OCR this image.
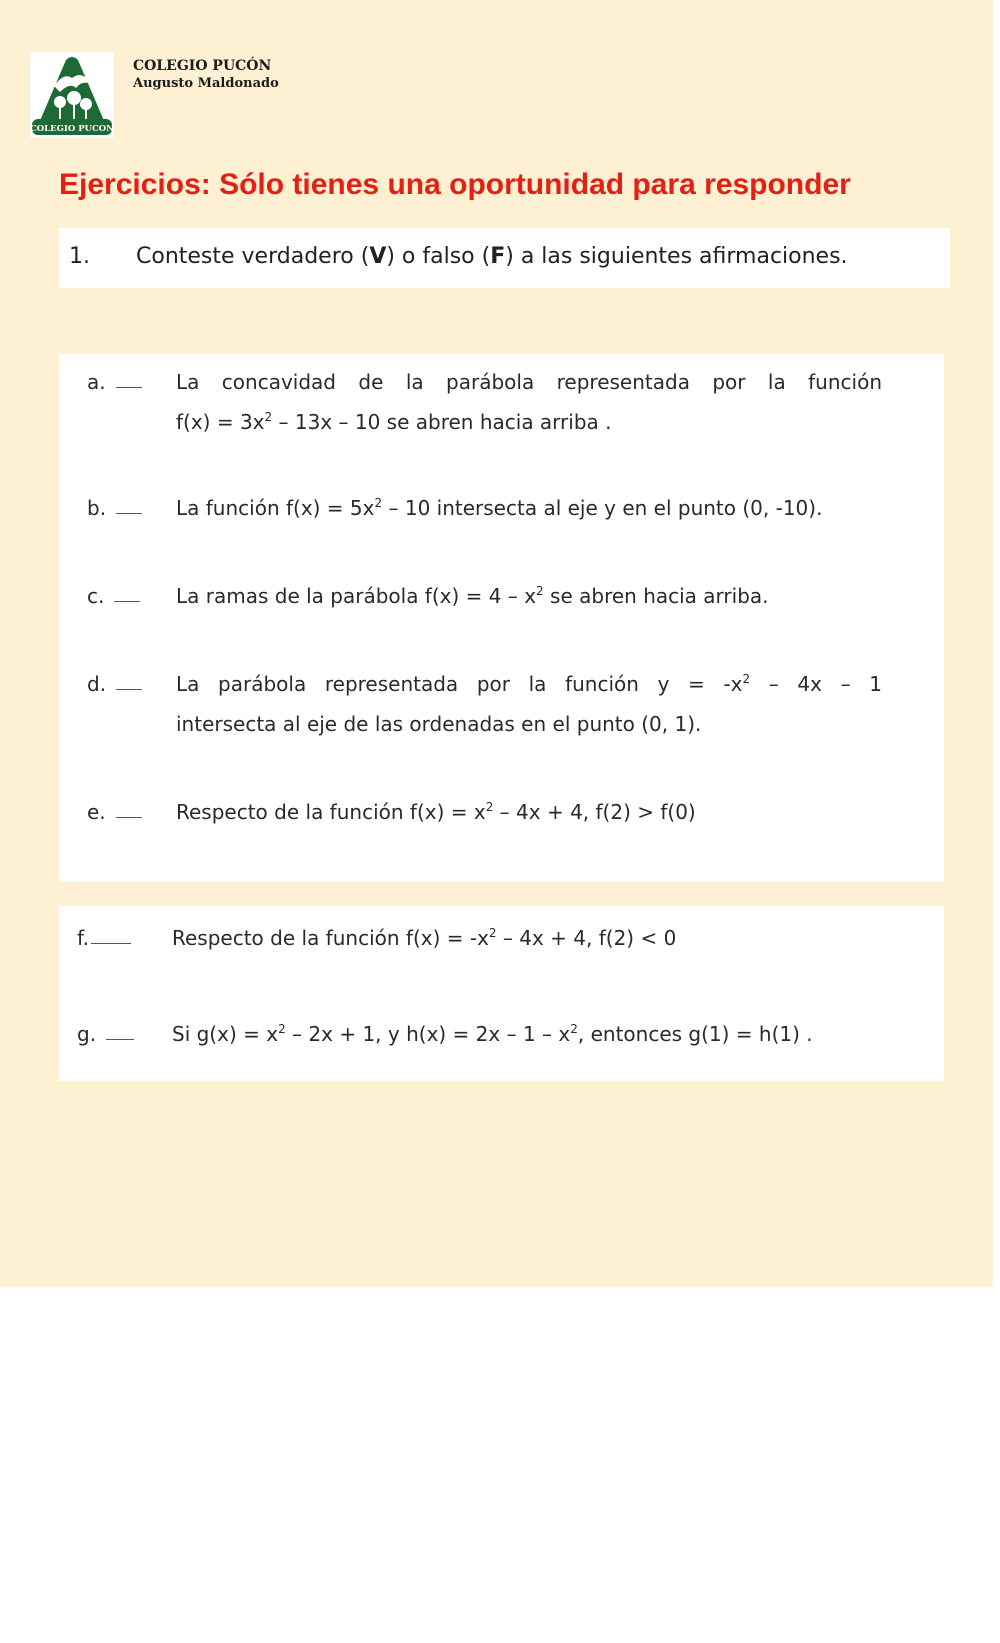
COLEGIO PUCON
COLEGIO PUCÓN
Augusto Maldonado
Ejercicios: Sólo tienes una oportunidad para responder
1. Conteste verdadero (V) o falso (F) a las siguientes afirmaciones.
a.	La concavidad de la parábola representada por la función
$f(x) = 3x^2 - 13x - 10$ se abren hacia arriba .
b.	La función $f(x) = 5x^2 - 10$ intersecta al eje y en el punto (0, -10).
c.	La ramas de la parábola $f(x) = 4 - x^2$ se abren hacia arriba.
d.	La parábola representada por la función $y = -x^2 - 4x - 1$
intersecta al eje de las ordenadas en el punto (0, 1).
e.	Respecto de la función $f(x) = x^2 - 4x + 4$, f(2) > f(0)
f.	Respecto de la función $f(x) = -x^2 - 4x + 4$, f(2) < 0
g.	Si $g(x) = x^2 - 2x + 1$, y $h(x) = 2x - 1 - x^2$, entonces g(1) = h(1) .
